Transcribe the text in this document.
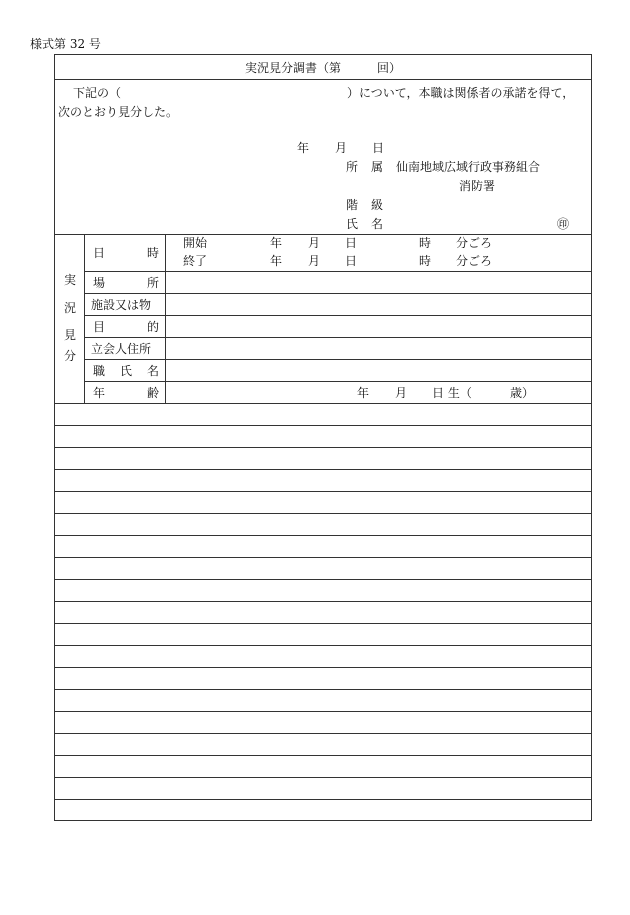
様式第 32 号
実況見分調書（第　　　回）
下記の（	）について，本職は関係者の承諾を得て，
次のとおり見分した。
年 月 日
所 属 仙南地域広域行政事務組合
消防署
階 級
氏 名	㊞
実
況
見
分
日	時
開始	年 月 日	時 分ごろ
終了	年 月 日	時 分ごろ
場	所
施設又は物
目	的
立会人住所
職 氏 名
年	齢	年 月 日 生（	歳）
